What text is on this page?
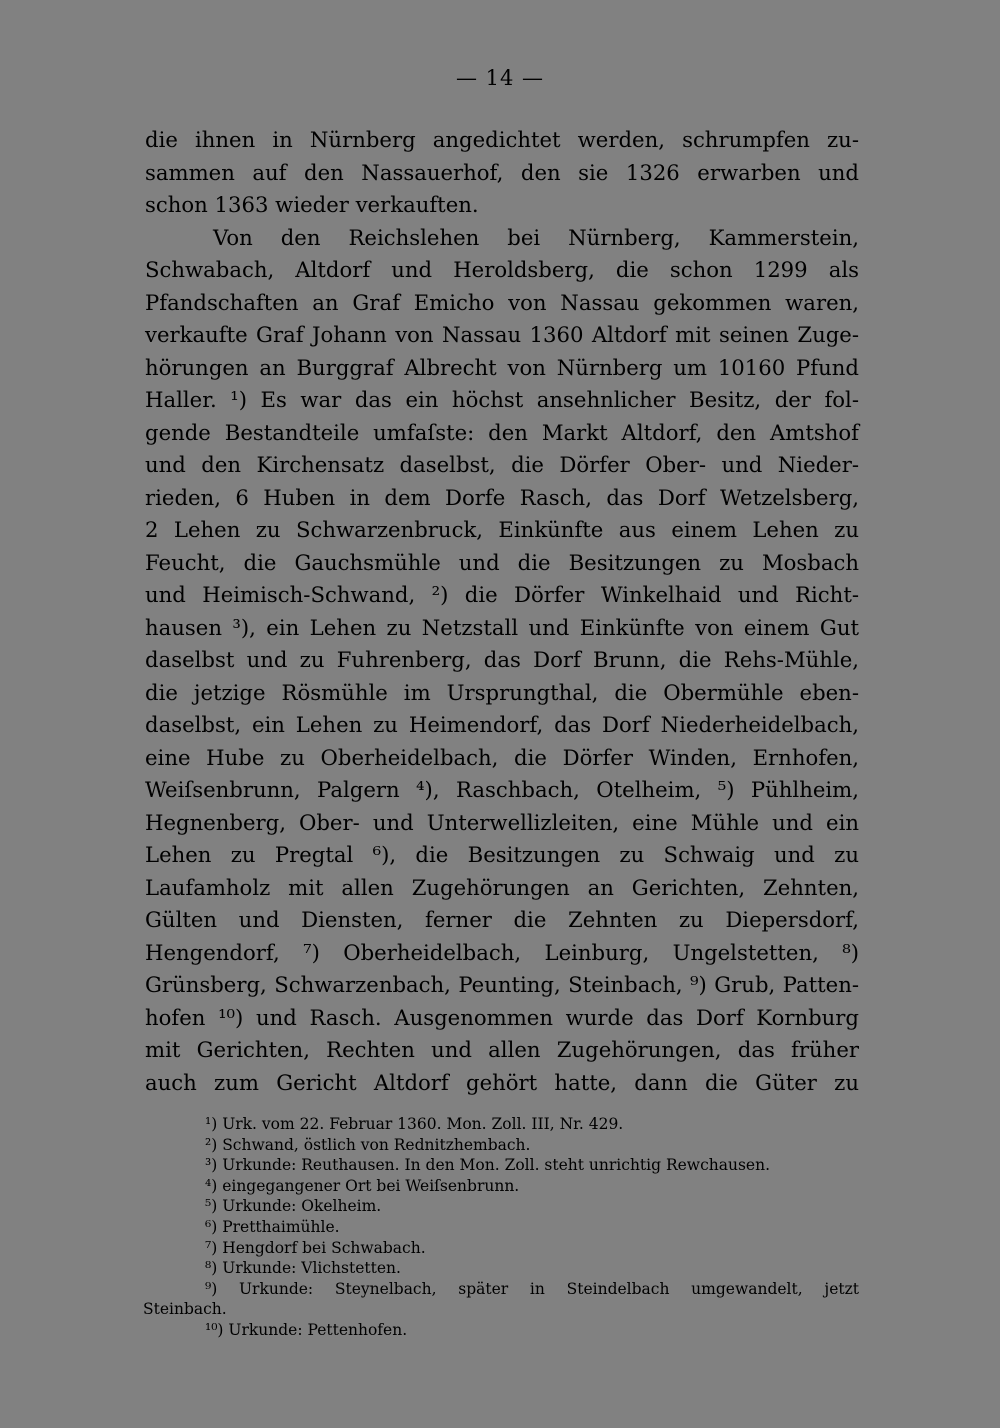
— 14 —
die ihnen in Nürnberg angedichtet werden, schrumpfen zu-
sammen auf den Nassauerhof, den sie 1326 erwarben und
schon 1363 wieder verkauften.
Von den Reichslehen bei Nürnberg, Kammerstein,
Schwabach, Altdorf und Heroldsberg, die schon 1299 als
Pfandschaften an Graf Emicho von Nassau gekommen waren,
verkaufte Graf Johann von Nassau 1360 Altdorf mit seinen Zuge-
hörungen an Burggraf Albrecht von Nürnberg um 10160 Pfund
Haller. ¹) Es war das ein höchst ansehnlicher Besitz, der fol-
gende Bestandteile umfaſste: den Markt Altdorf, den Amtshof
und den Kirchensatz daselbst, die Dörfer Ober- und Nieder-
rieden, 6 Huben in dem Dorfe Rasch, das Dorf Wetzelsberg,
2 Lehen zu Schwarzenbruck, Einkünfte aus einem Lehen zu
Feucht, die Gauchsmühle und die Besitzungen zu Mosbach
und Heimisch-Schwand, ²) die Dörfer Winkelhaid und Richt-
hausen ³), ein Lehen zu Netzstall und Einkünfte von einem Gut
daselbst und zu Fuhrenberg, das Dorf Brunn, die Rehs-Mühle,
die jetzige Rösmühle im Ursprungthal, die Obermühle eben-
daselbst, ein Lehen zu Heimendorf, das Dorf Niederheidelbach,
eine Hube zu Oberheidelbach, die Dörfer Winden, Ernhofen,
Weiſsenbrunn, Palgern ⁴), Raschbach, Otelheim, ⁵) Pühlheim,
Hegnenberg, Ober- und Unterwellizleiten, eine Mühle und ein
Lehen zu Pregtal ⁶), die Besitzungen zu Schwaig und zu
Laufamholz mit allen Zugehörungen an Gerichten, Zehnten,
Gülten und Diensten, ferner die Zehnten zu Diepersdorf,
Hengendorf, ⁷) Oberheidelbach, Leinburg, Ungelstetten, ⁸)
Grünsberg, Schwarzenbach, Peunting, Steinbach, ⁹) Grub, Patten-
hofen ¹⁰) und Rasch. Ausgenommen wurde das Dorf Kornburg
mit Gerichten, Rechten und allen Zugehörungen, das früher
auch zum Gericht Altdorf gehört hatte, dann die Güter zu
¹) Urk. vom 22. Februar 1360. Mon. Zoll. III, Nr. 429.
²) Schwand, östlich von Rednitzhembach.
³) Urkunde: Reuthausen. In den Mon. Zoll. steht unrichtig Rewchausen.
⁴) eingegangener Ort bei Weiſsenbrunn.
⁵) Urkunde: Okelheim.
⁶) Pretthaimühle.
⁷) Hengdorf bei Schwabach.
⁸) Urkunde: Vlichstetten.
⁹) Urkunde: Steynelbach, später in Steindelbach umgewandelt, jetzt
Steinbach.
¹⁰) Urkunde: Pettenhofen.
